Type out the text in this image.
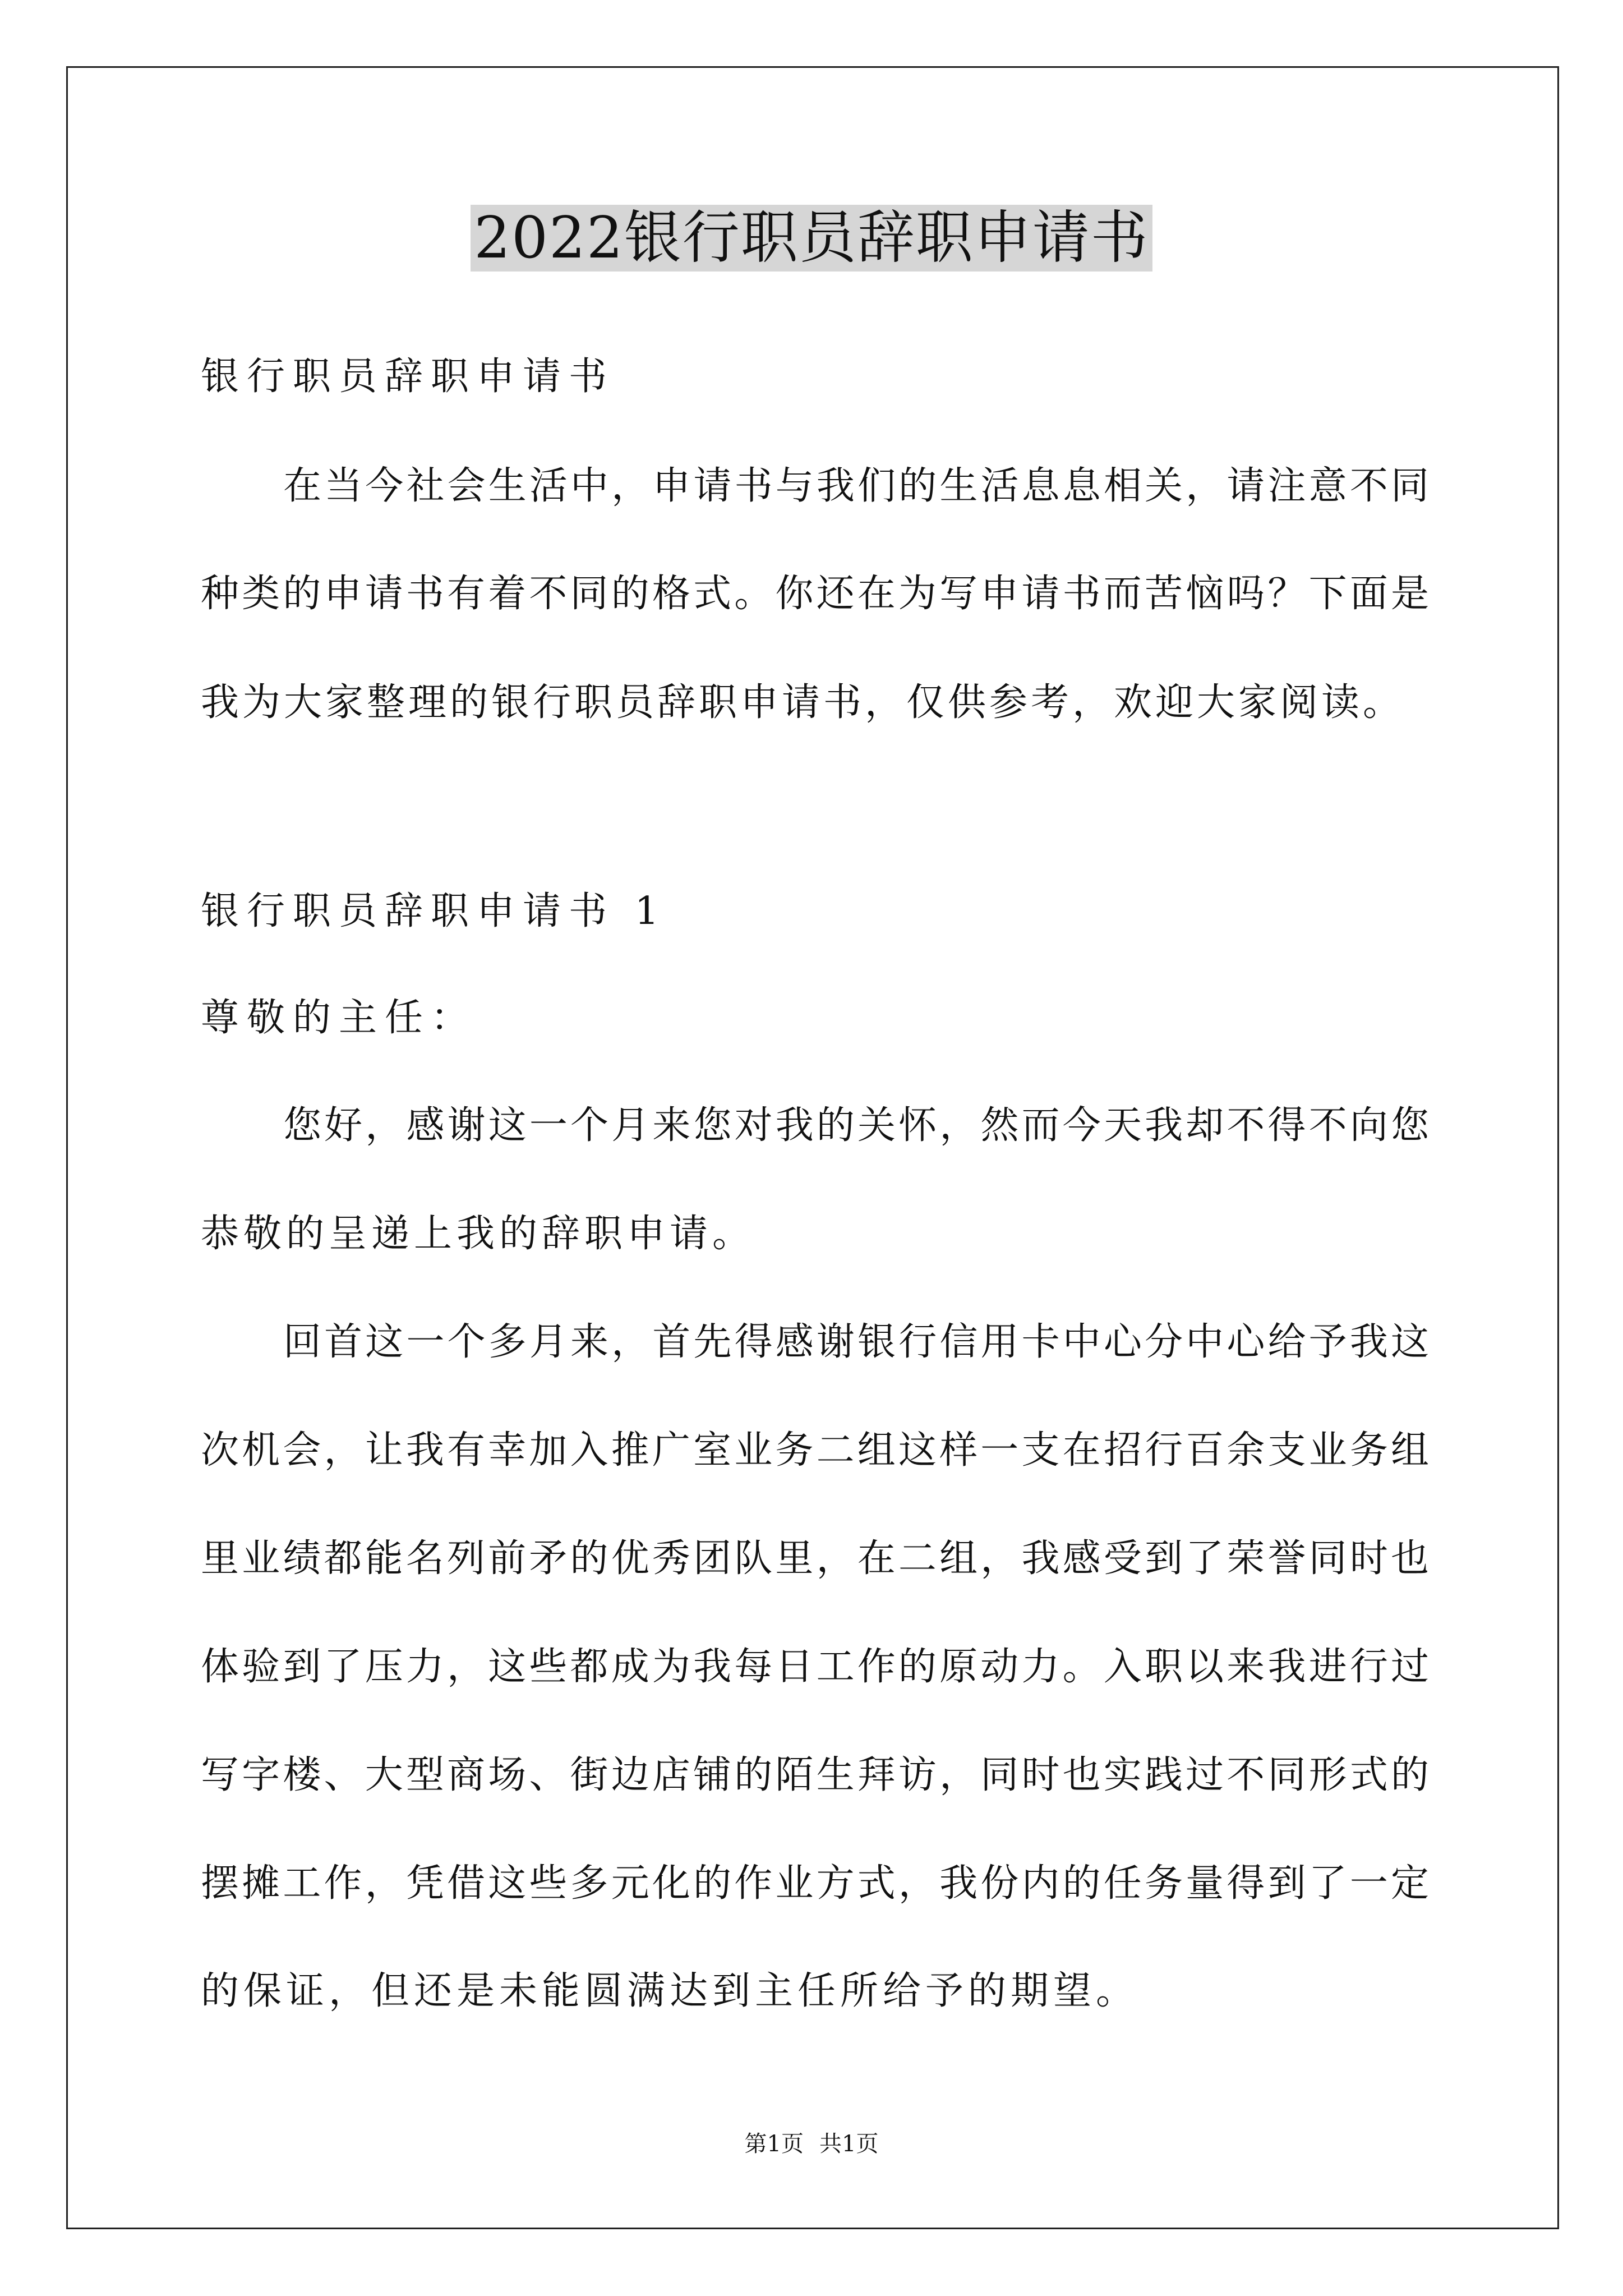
2022银行职员辞职申请书
银行职员辞职申请书
在当今社会生活中，申请书与我们的生活息息相关，请注意不同
种类的申请书有着不同的格式。你还在为写申请书而苦恼吗？下面是
我为大家整理的银行职员辞职申请书，仅供参考，欢迎大家阅读。
银行职员辞职申请书 1
尊敬的主任：
您好，感谢这一个月来您对我的关怀，然而今天我却不得不向您
恭敬的呈递上我的辞职申请。
回首这一个多月来，首先得感谢银行信用卡中心分中心给予我这
次机会，让我有幸加入推广室业务二组这样一支在招行百余支业务组
里业绩都能名列前矛的优秀团队里，在二组，我感受到了荣誉同时也
体验到了压力，这些都成为我每日工作的原动力。入职以来我进行过
写字楼、大型商场、街边店铺的陌生拜访，同时也实践过不同形式的
摆摊工作，凭借这些多元化的作业方式，我份内的任务量得到了一定
的保证，但还是未能圆满达到主任所给予的期望。
第1页 共1页
